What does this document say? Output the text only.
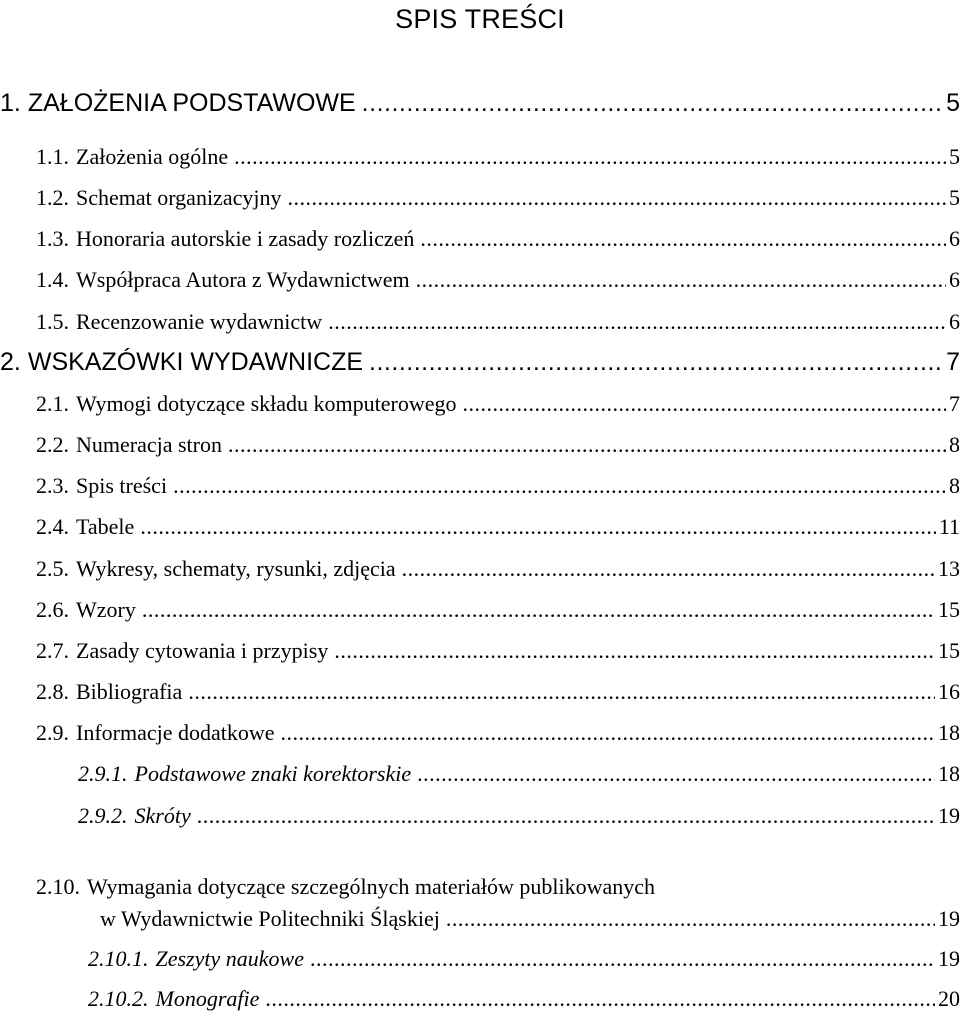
SPIS TREŚCI
1. ZAŁOŻENIA PODSTAWOWE .....	5
1.1. Założenia ogólne .....	5
1.2. Schemat organizacyjny .....	5
1.3. Honoraria autorskie i zasady rozliczeń .....	6
1.4. Współpraca Autora z Wydawnictwem .....	6
1.5. Recenzowanie wydawnictw .....	6
2. WSKAZÓWKI WYDAWNICZE .....	7
2.1. Wymogi dotyczące składu komputerowego .....	7
2.2. Numeracja stron .....	8
2.3. Spis treści .....	8
2.4. Tabele .....	11
2.5. Wykresy, schematy, rysunki, zdjęcia .....	13
2.6. Wzory .....	15
2.7. Zasady cytowania i przypisy .....	15
2.8. Bibliografia .....	16
2.9. Informacje dodatkowe .....	18
2.9.1. Podstawowe znaki korektorskie .....	18
2.9.2. Skróty .....	19
2.10. Wymagania dotyczące szczególnych materiałów publikowanych
w Wydawnictwie Politechniki Śląskiej .....	19
2.10.1. Zeszyty naukowe .....	19
2.10.2. Monografie .....	20
